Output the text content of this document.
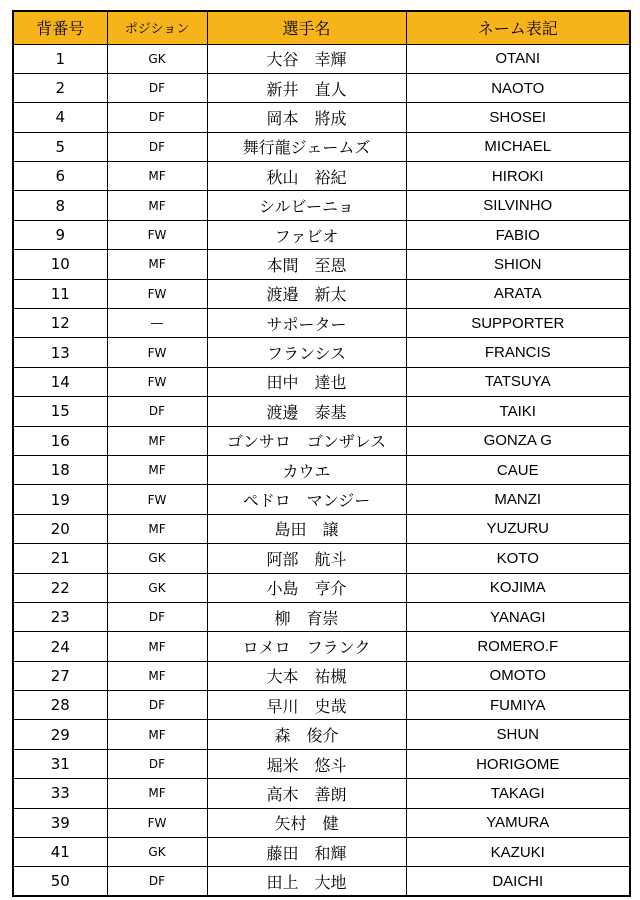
背番号	ポジション	選手名	ネーム表記
1	GK	大谷　幸輝	OTANI
2	DF	新井　直人	NAOTO
4	DF	岡本　將成	SHOSEI
5	DF	舞行龍ジェームズ	MICHAEL
6	MF	秋山　裕紀	HIROKI
8	MF	シルビーニョ	SILVINHO
9	FW	ファビオ	FABIO
10	MF	本間　至恩	SHION
11	FW	渡邉　新太	ARATA
12	―	サポーター	SUPPORTER
13	FW	フランシス	FRANCIS
14	FW	田中　達也	TATSUYA
15	DF	渡邊　泰基	TAIKI
16	MF	ゴンサロ　ゴンザレス	GONZA G
18	MF	カウエ	CAUE
19	FW	ペドロ　マンジー	MANZI
20	MF	島田　譲	YUZURU
21	GK	阿部　航斗	KOTO
22	GK	小島　亨介	KOJIMA
23	DF	柳　育崇	YANAGI
24	MF	ロメロ　フランク	ROMERO.F
27	MF	大本　祐槻	OMOTO
28	DF	早川　史哉	FUMIYA
29	MF	森　俊介	SHUN
31	DF	堀米　悠斗	HORIGOME
33	MF	高木　善朗	TAKAGI
39	FW	矢村　健	YAMURA
41	GK	藤田　和輝	KAZUKI
50	DF	田上　大地	DAICHI
